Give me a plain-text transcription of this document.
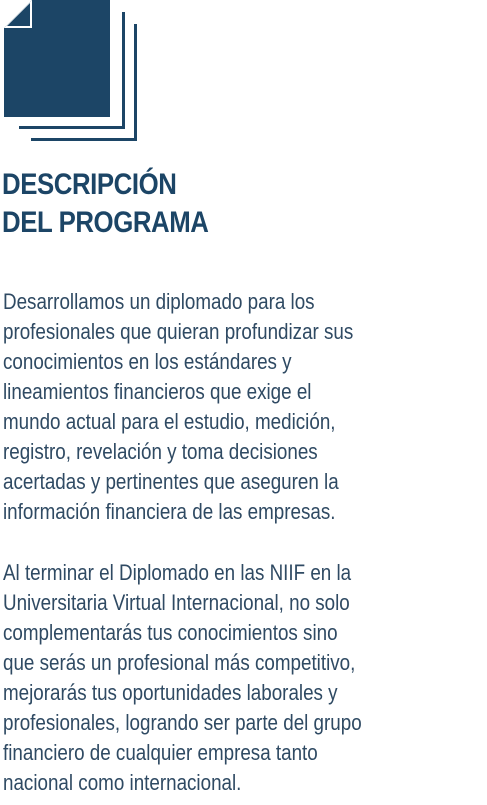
DESCRIPCIÓN
DEL PROGRAMA

Desarrollamos un diplomado para los
profesionales que quieran profundizar sus
conocimientos en los estándares y
lineamientos financieros que exige el
mundo actual para el estudio, medición,
registro, revelación y toma decisiones
acertadas y pertinentes que aseguren la
información financiera de las empresas.

Al terminar el Diplomado en las NIIF en la
Universitaria Virtual Internacional, no solo
complementarás tus conocimientos sino
que serás un profesional más competitivo,
mejorarás tus oportunidades laborales y
profesionales, logrando ser parte del grupo
financiero de cualquier empresa tanto
nacional como internacional.
